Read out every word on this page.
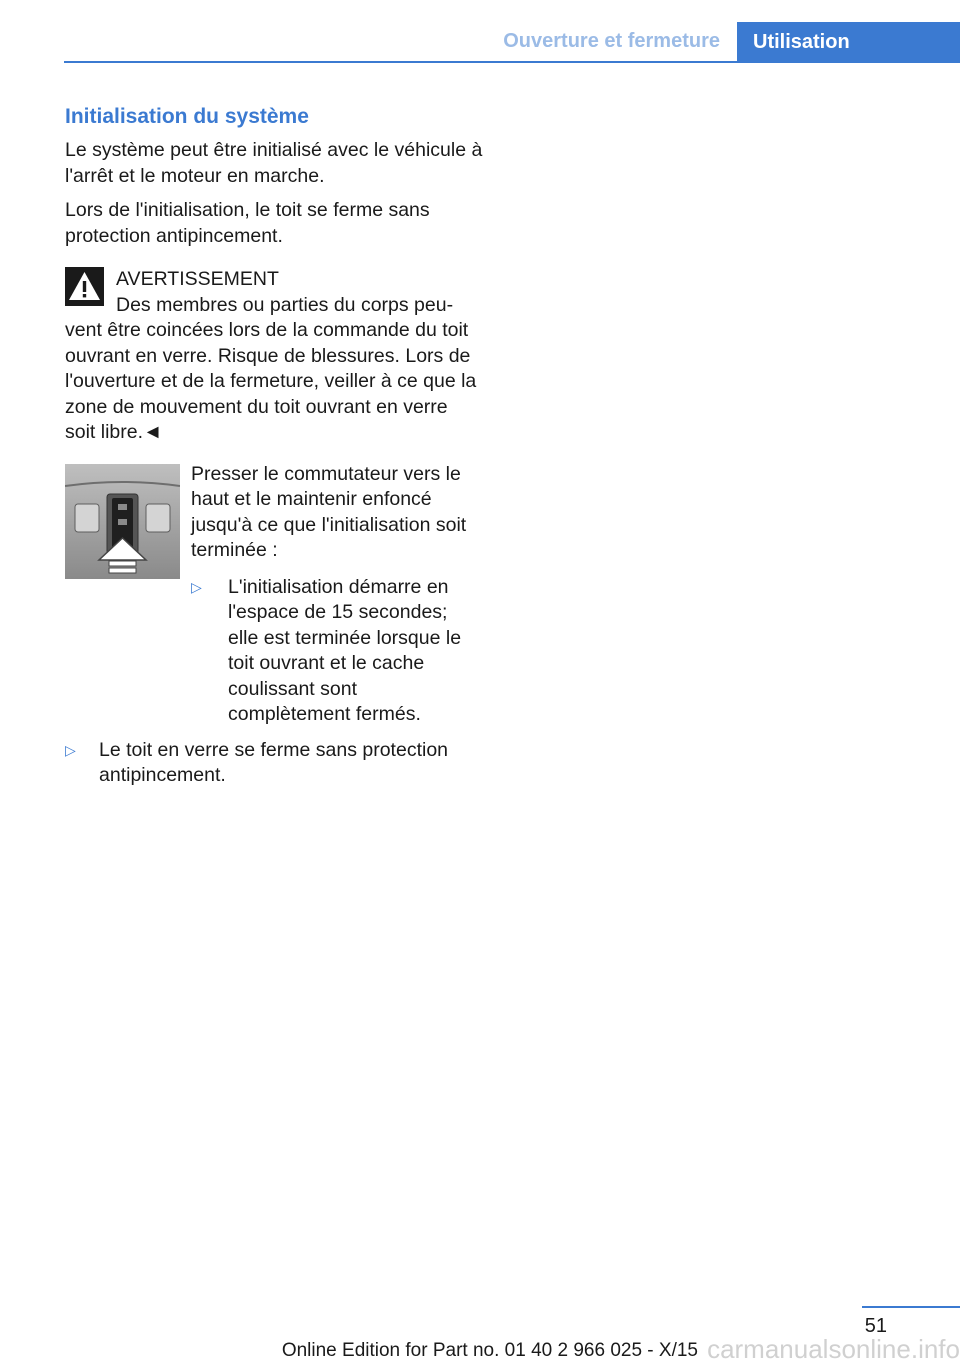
Ouverture et fermeture	Utilisation
Initialisation du système

Le système peut être initialisé avec le véhicule à l'arrêt et le moteur en marche.

Lors de l'initialisation, le toit se ferme sans protection antipincement.

AVERTISSEMENT
Des membres ou parties du corps peu-
vent être coincées lors de la commande du toit ouvrant en verre. Risque de blessures. Lors de l'ouverture et de la fermeture, veiller à ce que la zone de mouvement du toit ouvrant en verre soit libre.◄

Presser le commutateur vers le haut et le maintenir enfoncé jusqu'à ce que l'initialisation soit terminée :

▷ L'initialisation démarre en l'espace de 15 secondes; elle est terminée lorsque le toit ouvrant et le cache coulissant sont complètement fermés.
▷ Le toit en verre se ferme sans protection antipincement.
51
Online Edition for Part no. 01 40 2 966 025 - X/15 carmanualsonline.info
